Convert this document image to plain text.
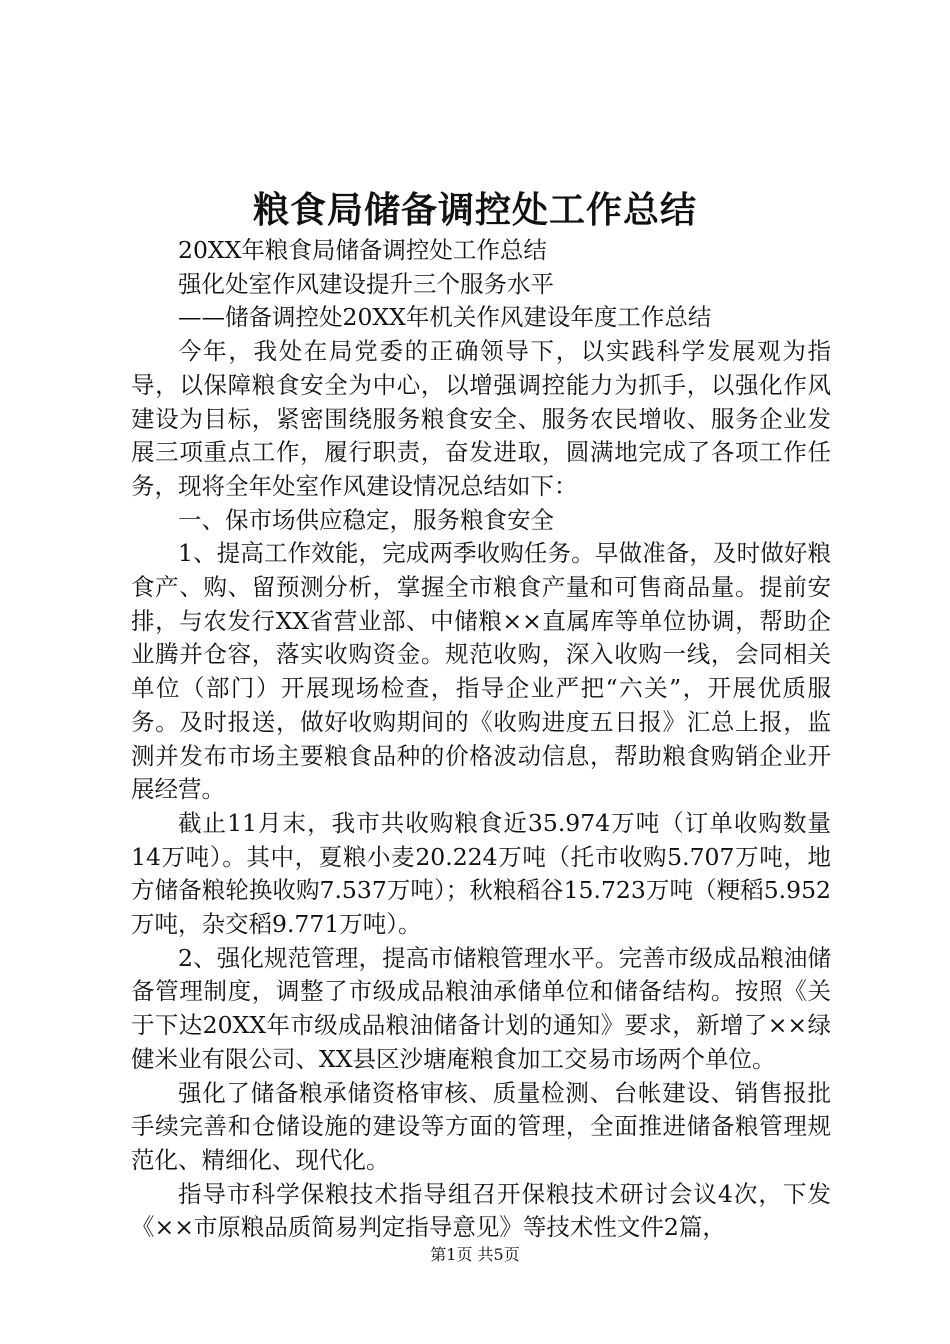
粮食局储备调控处工作总结

20XX年粮食局储备调控处工作总结

强化处室作风建设提升三个服务水平

——储备调控处20XX年机关作风建设年度工作总结

今年，我处在局党委的正确领导下，以实践科学发展观为指导，以保障粮食安全为中心，以增强调控能力为抓手，以强化作风建设为目标，紧密围绕服务粮食安全、服务农民增收、服务企业发展三项重点工作，履行职责，奋发进取，圆满地完成了各项工作任务，现将全年处室作风建设情况总结如下：

一、保市场供应稳定，服务粮食安全

1、提高工作效能，完成两季收购任务。早做准备，及时做好粮食产、购、留预测分析，掌握全市粮食产量和可售商品量。提前安排，与农发行XX省营业部、中储粮××直属库等单位协调，帮助企业腾并仓容，落实收购资金。规范收购，深入收购一线，会同相关单位（部门）开展现场检查，指导企业严把“六关”，开展优质服务。及时报送，做好收购期间的《收购进度五日报》汇总上报，监测并发布市场主要粮食品种的价格波动信息，帮助粮食购销企业开展经营。

截止11月末，我市共收购粮食近35.974万吨（订单收购数量14万吨）。其中，夏粮小麦20.224万吨（托市收购5.707万吨，地方储备粮轮换收购7.537万吨）；秋粮稻谷15.723万吨（粳稻5.952万吨，杂交稻9.771万吨）。

2、强化规范管理，提高市储粮管理水平。完善市级成品粮油储备管理制度，调整了市级成品粮油承储单位和储备结构。按照《关于下达20XX年市级成品粮油储备计划的通知》要求，新增了××绿健米业有限公司、XX县区沙塘庵粮食加工交易市场两个单位。

强化了储备粮承储资格审核、质量检测、台帐建设、销售报批手续完善和仓储设施的建设等方面的管理，全面推进储备粮管理规范化、精细化、现代化。

指导市科学保粮技术指导组召开保粮技术研讨会议4次，下发《××市原粮品质简易判定指导意见》等技术性文件2篇，

第1页 共5页
